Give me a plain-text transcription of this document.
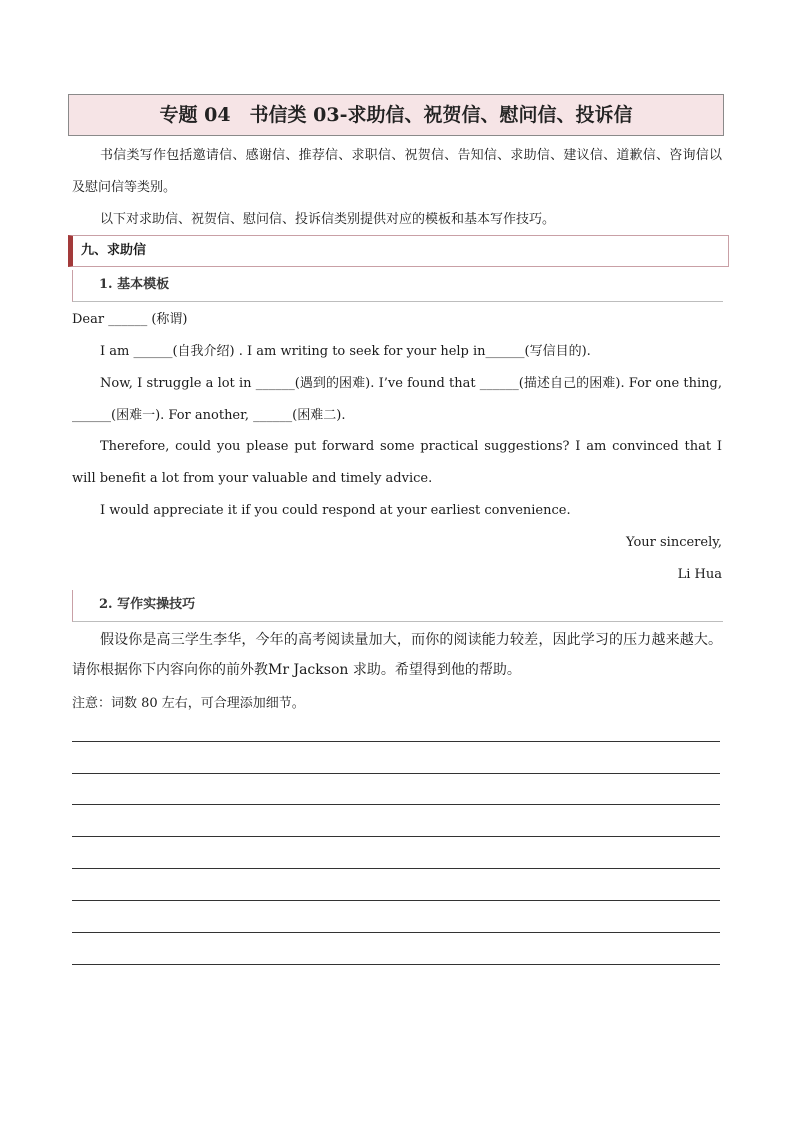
专题 04　书信类 03-求助信、祝贺信、慰问信、投诉信

书信类写作包括邀请信、感谢信、推荐信、求职信、祝贺信、告知信、求助信、建议信、道歉信、咨询信以及慰问信等类别。

以下对求助信、祝贺信、慰问信、投诉信类别提供对应的模板和基本写作技巧。

九、求助信
1. 基本模板

Dear ______ (称谓)

I am ______(自我介绍) . I am writing to seek for your help in______(写信目的).

Now, I struggle a lot in ______(遇到的困难). I’ve found that ______(描述自己的困难). For one thing, ______(困难一). For another, ______(困难二).

Therefore, could you please put forward some practical suggestions? I am convinced that I will benefit a lot from your valuable and timely advice.

I would appreciate it if you could respond at your earliest convenience.

Your sincerely,

Li Hua

2. 写作实操技巧

假设你是高三学生李华，今年的高考阅读量加大，而你的阅读能力较差，因此学习的压力越来越大。请你根据你下内容向你的前外教Mr Jackson 求助。希望得到他的帮助。

注意：词数 80 左右，可合理添加细节。
